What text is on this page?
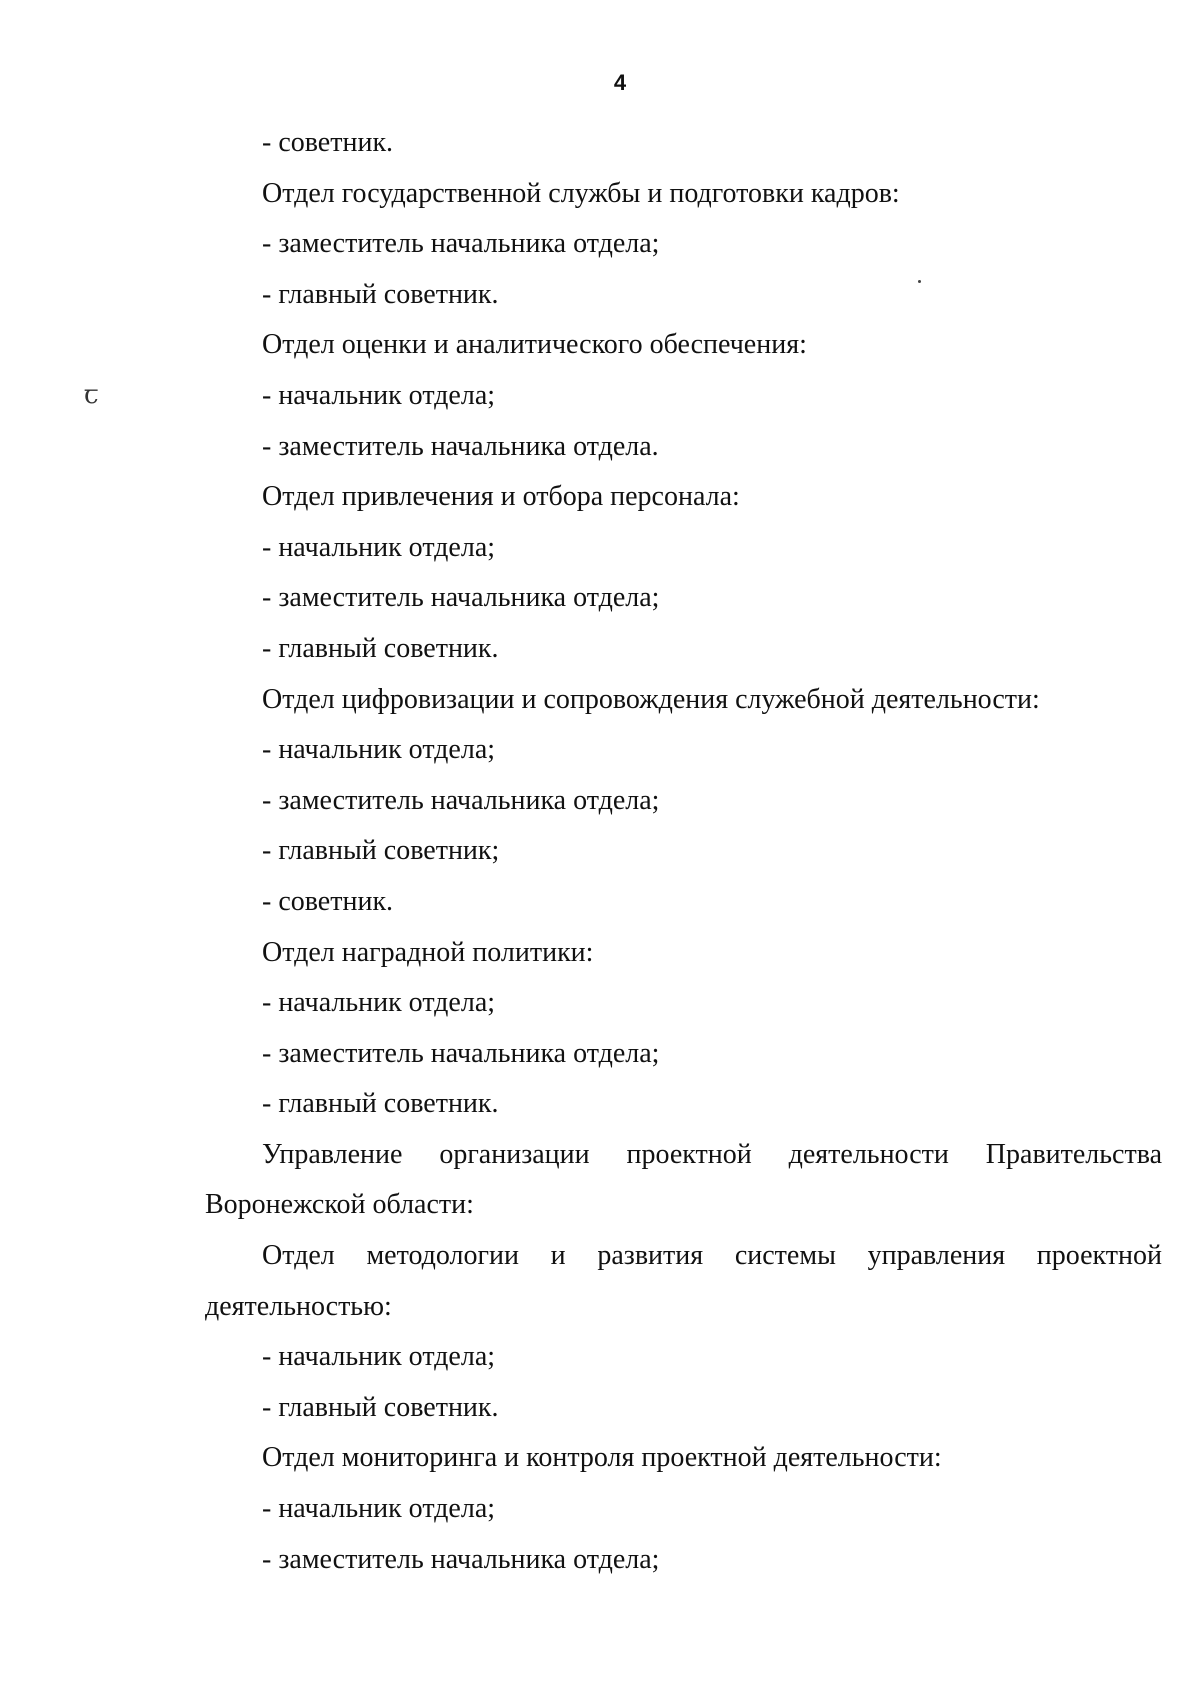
4
ꞇ
- советник.
Отдел государственной службы и подготовки кадров:
- заместитель начальника отдела;
- главный советник.
Отдел оценки и аналитического обеспечения:
- начальник отдела;
- заместитель начальника отдела.
Отдел привлечения и отбора персонала:
- начальник отдела;
- заместитель начальника отдела;
- главный советник.
Отдел цифровизации и сопровождения служебной деятельности:
- начальник отдела;
- заместитель начальника отдела;
- главный советник;
- советник.
Отдел наградной политики:
- начальник отдела;
- заместитель начальника отдела;
- главный советник.
Управление организации проектной деятельности Правительства
Воронежской области:
Отдел методологии и развития системы управления проектной
деятельностью:
- начальник отдела;
- главный советник.
Отдел мониторинга и контроля проектной деятельности:
- начальник отдела;
- заместитель начальника отдела;
